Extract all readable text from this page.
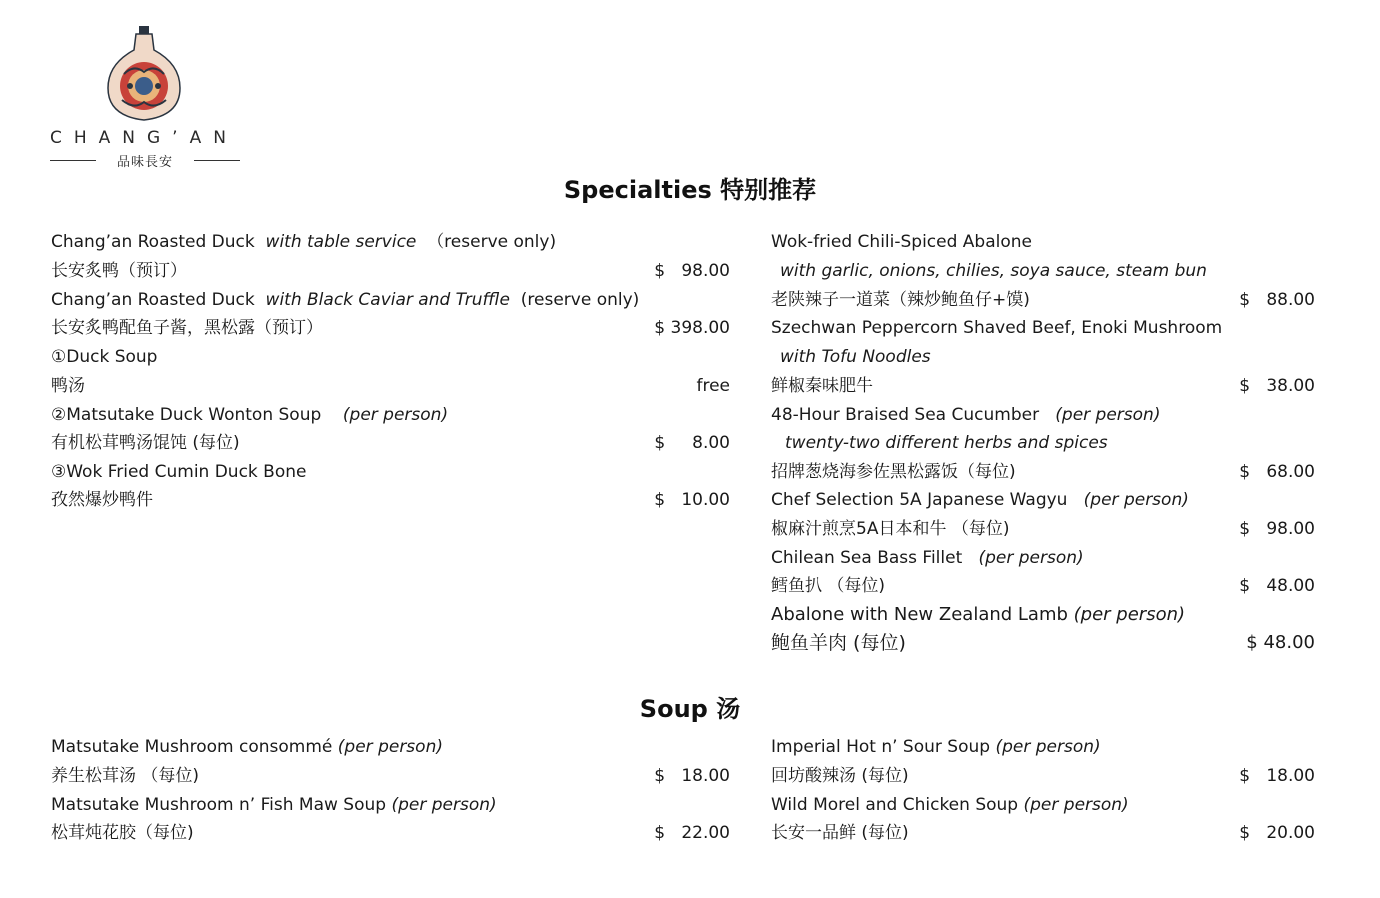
CHANG’AN
品味長安
Specialties 特别推荐
Chang’an Roasted Duck with table service （reserve only)
长安炙鸭（预订）	$   98.00
Chang’an Roasted Duck with Black Caviar and Truffle (reserve only)
长安炙鸭配鱼子酱，黑松露（预订）	$ 398.00
①Duck Soup
鸭汤	free
②Matsutake Duck Wonton Soup (per person)
有机松茸鸭汤馄饨 (每位)	$     8.00
③Wok Fried Cumin Duck Bone
孜然爆炒鸭件	$   10.00
Wok-fried Chili-Spiced Abalone
with garlic, onions, chilies, soya sauce, steam bun
老陕辣子一道菜（辣炒鲍鱼仔+馍)	$   88.00
Szechwan Peppercorn Shaved Beef, Enoki Mushroom
with Tofu Noodles
鲜椒秦味肥牛	$   38.00
48-Hour Braised Sea Cucumber (per person)
twenty-two different herbs and spices
招牌葱烧海参佐黑松露饭（每位)	$   68.00
Chef Selection 5A Japanese Wagyu (per person)
椒麻汁煎烹5A日本和牛 （每位)	$   98.00
Chilean Sea Bass Fillet (per person)
鳕鱼扒 （每位)	$   48.00
Abalone with New Zealand Lamb (per person)
鲍鱼羊肉 (每位)	$ 48.00
Soup 汤
Matsutake Mushroom consommé (per person)
养生松茸汤 （每位)	$   18.00
Matsutake Mushroom n’ Fish Maw Soup (per person)
松茸炖花胶（每位)	$   22.00
Imperial Hot n’ Sour Soup (per person)
回坊酸辣汤 (每位)	$   18.00
Wild Morel and Chicken Soup (per person)
长安一品鲜 (每位)	$   20.00
